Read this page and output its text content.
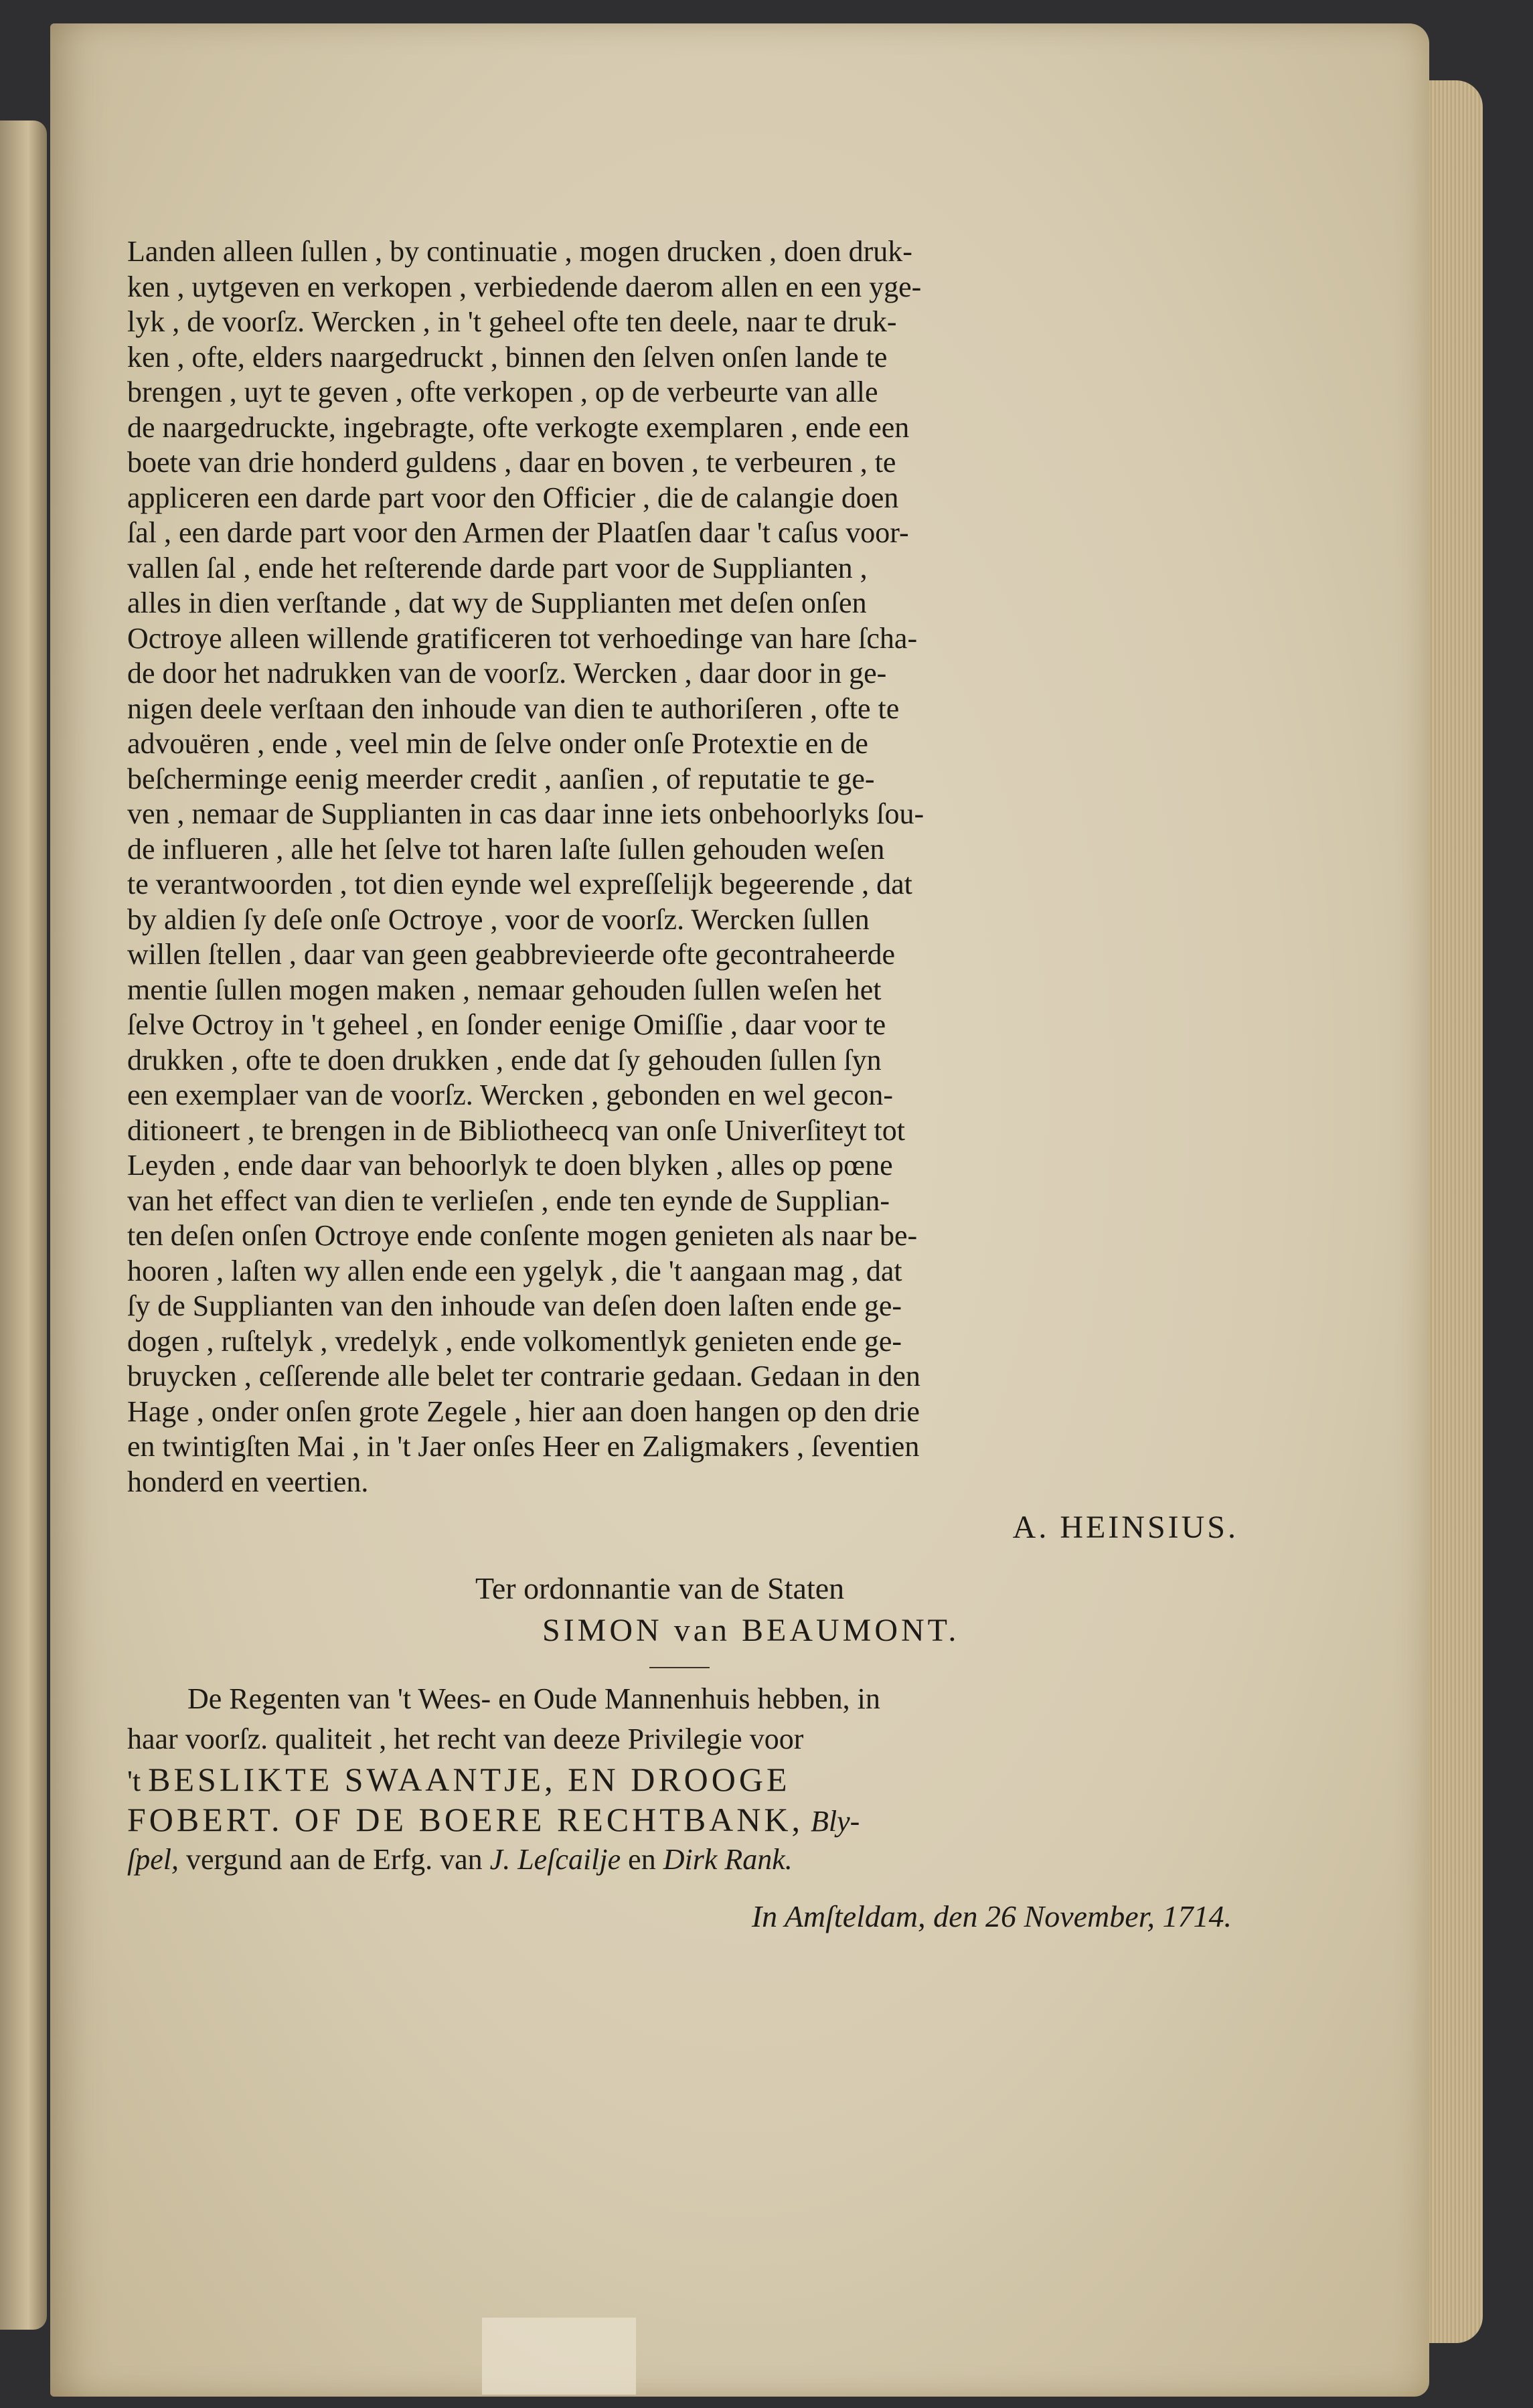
Landen alleen ſullen , by continuatie , mogen drucken , doen druk-
ken , uytgeven en verkopen , verbiedende daerom allen en een yge-
lyk , de voorſz. Wercken , in 't geheel ofte ten deele, naar te druk-
ken , ofte, elders naargedruckt , binnen den ſelven onſen lande te
brengen , uyt te geven , ofte verkopen , op de verbeurte van alle
de naargedruckte, ingebragte, ofte verkogte exemplaren , ende een
boete van drie honderd guldens , daar en boven , te verbeuren , te
appliceren een darde part voor den Officier , die de calangie doen
ſal , een darde part voor den Armen der Plaatſen daar 't caſus voor-
vallen ſal , ende het reſterende darde part voor de Supplianten ,
alles in dien verſtande , dat wy de Supplianten met deſen onſen
Octroye alleen willende gratificeren tot verhoedinge van hare ſcha-
de door het nadrukken van de voorſz. Wercken , daar door in ge-
nigen deele verſtaan den inhoude van dien te authoriſeren , ofte te
advouëren , ende , veel min de ſelve onder onſe Protextie en de
beſcherminge eenig meerder credit , aanſien , of reputatie te ge-
ven , nemaar de Supplianten in cas daar inne iets onbehoorlyks ſou-
de influeren , alle het ſelve tot haren laſte ſullen gehouden weſen
te verantwoorden , tot dien eynde wel expreſſelijk begeerende , dat
by aldien ſy deſe onſe Octroye , voor de voorſz. Wercken ſullen
willen ſtellen , daar van geen geabbrevieerde ofte gecontraheerde
mentie ſullen mogen maken , nemaar gehouden ſullen weſen het
ſelve Octroy in 't geheel , en ſonder eenige Omiſſie , daar voor te
drukken , ofte te doen drukken , ende dat ſy gehouden ſullen ſyn
een exemplaer van de voorſz. Wercken , gebonden en wel gecon-
ditioneert , te brengen in de Bibliotheecq van onſe Univerſiteyt tot
Leyden , ende daar van behoorlyk te doen blyken , alles op pœne
van het effect van dien te verlieſen , ende ten eynde de Supplian-
ten deſen onſen Octroye ende conſente mogen genieten als naar be-
hooren , laſten wy allen ende een ygelyk , die 't aangaan mag , dat
ſy de Supplianten van den inhoude van deſen doen laſten ende ge-
dogen , ruſtelyk , vredelyk , ende volkomentlyk genieten ende ge-
bruycken , ceſſerende alle belet ter contrarie gedaan. Gedaan in den
Hage , onder onſen grote Zegele , hier aan doen hangen op den drie
en twintigſten Mai , in 't Jaer onſes Heer en Zaligmakers , ſeventien
honderd en veertien.
A. HEINSIUS.
Ter ordonnantie van de Staten
SIMON van BEAUMONT.
De Regenten van 't Wees- en Oude Mannenhuis hebben, in
haar voorſz. qualiteit , het recht van deeze Privilegie voor
't BESLIKTE SWAANTJE, EN DROOGE
FOBERT. OF DE BOERE RECHTBANK, Bly-
ſpel, vergund aan de Erfg. van J. Leſcailje en Dirk Rank.
In Amſteldam, den 26 November, 1714.
